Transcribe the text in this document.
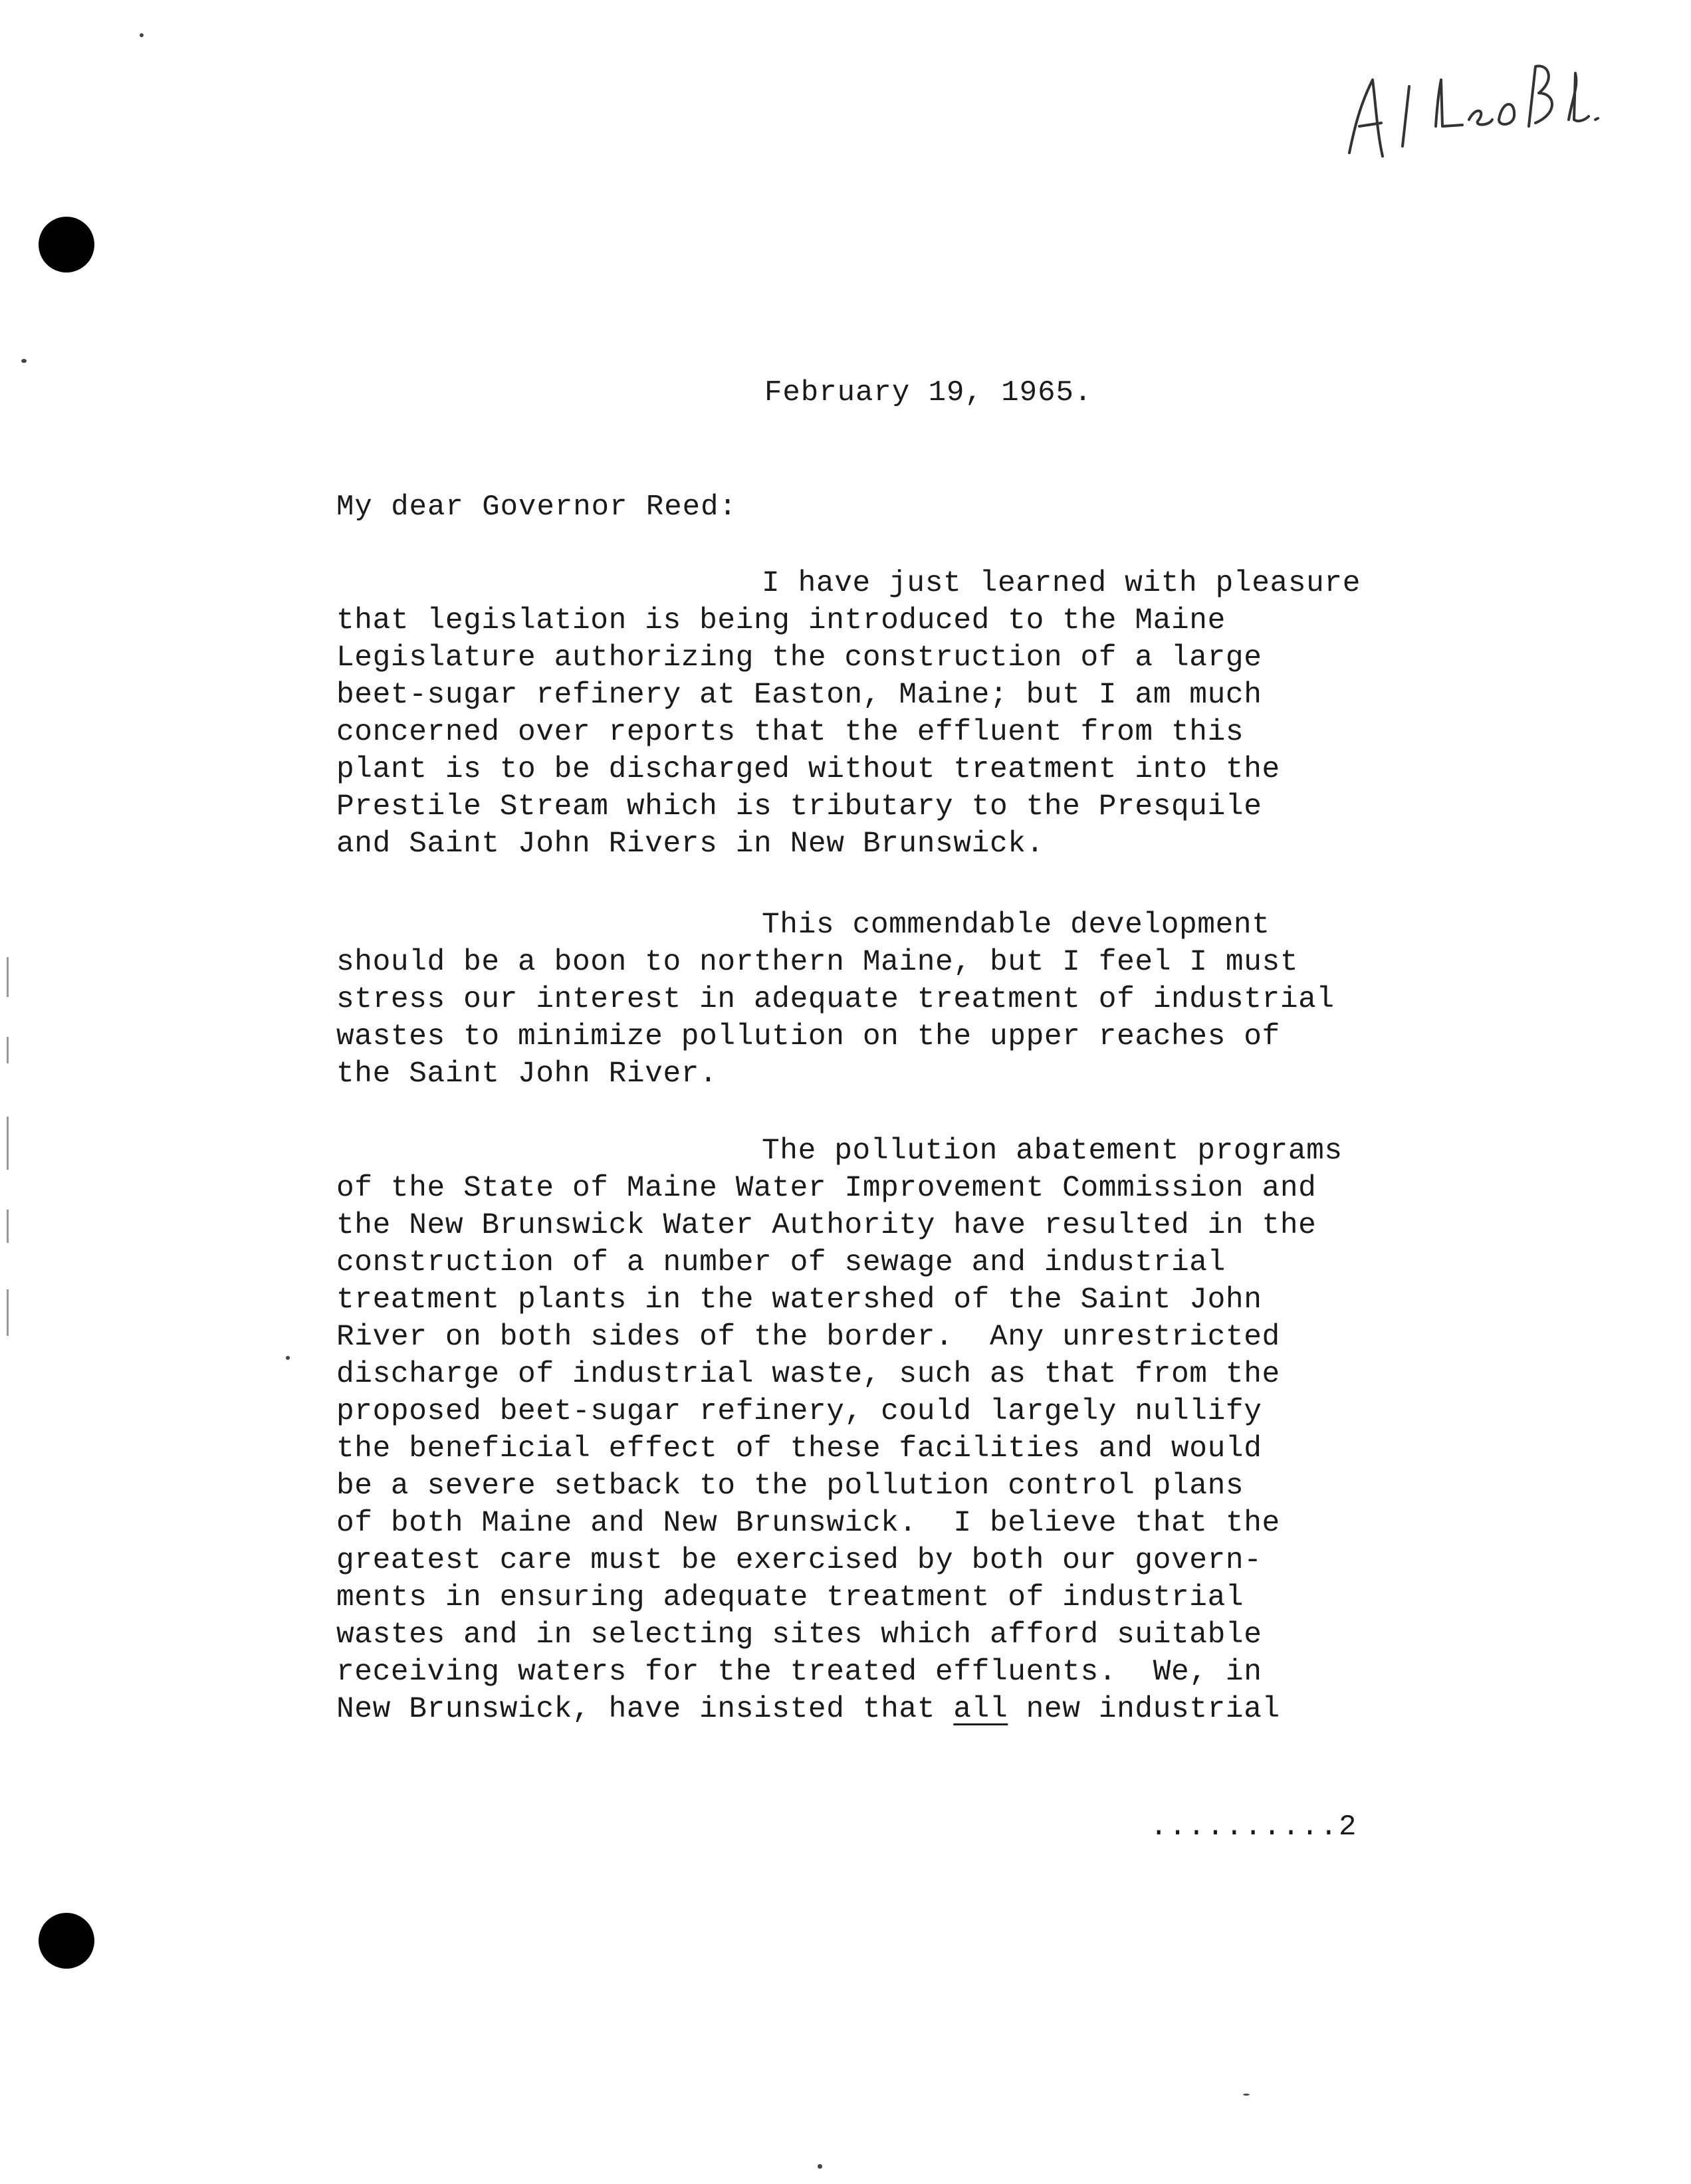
February 19, 1965.
My dear Governor Reed:
I have just learned with pleasure
that legislation is being introduced to the Maine
Legislature authorizing the construction of a large
beet-sugar refinery at Easton, Maine; but I am much
concerned over reports that the effluent from this
plant is to be discharged without treatment into the
Prestile Stream which is tributary to the Presquile
and Saint John Rivers in New Brunswick.
This commendable development
should be a boon to northern Maine, but I feel I must
stress our interest in adequate treatment of industrial
wastes to minimize pollution on the upper reaches of
the Saint John River.
The pollution abatement programs
of the State of Maine Water Improvement Commission and
the New Brunswick Water Authority have resulted in the
construction of a number of sewage and industrial
treatment plants in the watershed of the Saint John
River on both sides of the border.  Any unrestricted
discharge of industrial waste, such as that from the
proposed beet-sugar refinery, could largely nullify
the beneficial effect of these facilities and would
be a severe setback to the pollution control plans
of both Maine and New Brunswick.  I believe that the
greatest care must be exercised by both our govern-
ments in ensuring adequate treatment of industrial
wastes and in selecting sites which afford suitable
receiving waters for the treated effluents.  We, in
New Brunswick, have insisted that all new industrial
..........2
